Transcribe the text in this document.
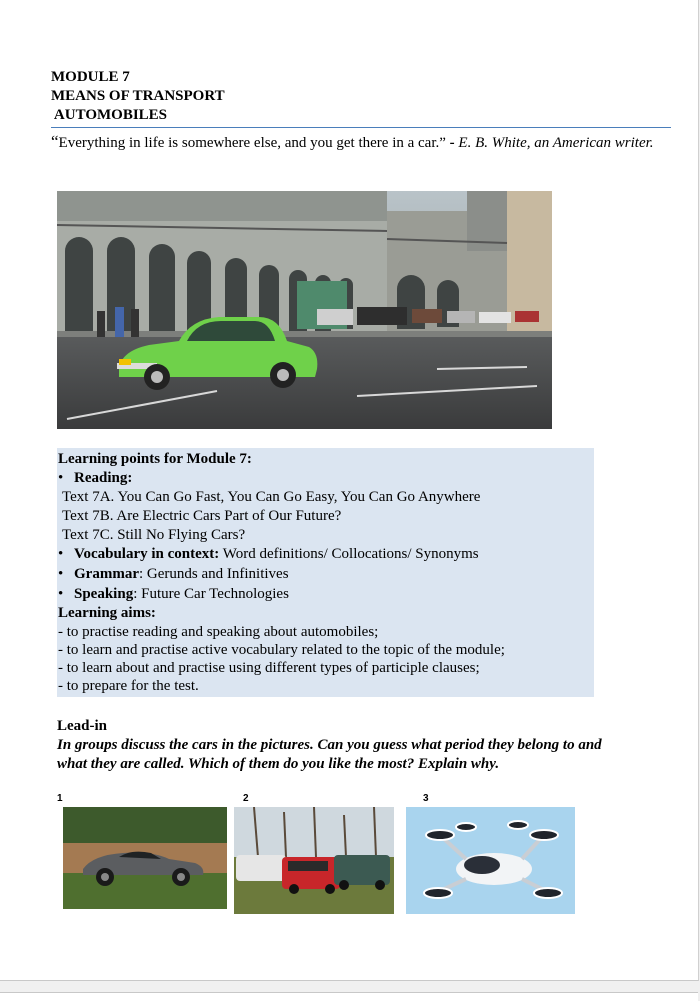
MODULE 7
MEANS OF TRANSPORT
AUTOMOBILES
“Everything in life is somewhere else, and you get there in a car.” - E. B. White, an American writer.
Learning points for Module 7:
• Reading:
Text 7A. You Can Go Fast, You Can Go Easy, You Can Go Anywhere
Text 7B. Are Electric Cars Part of Our Future?
Text 7C. Still No Flying Cars?
• Vocabulary in context: Word definitions/ Collocations/ Synonyms
• Grammar: Gerunds and Infinitives
• Speaking: Future Car Technologies
Learning aims:
- to practise reading and speaking about automobiles;
- to learn and practise active vocabulary related to the topic of the module;
- to learn about and practise using different types of participle clauses;
- to prepare for the test.
Lead-in
In groups discuss the cars in the pictures. Can you guess what period they belong to and what they are called. Which of them do you like the most? Explain why.
1	2	3
